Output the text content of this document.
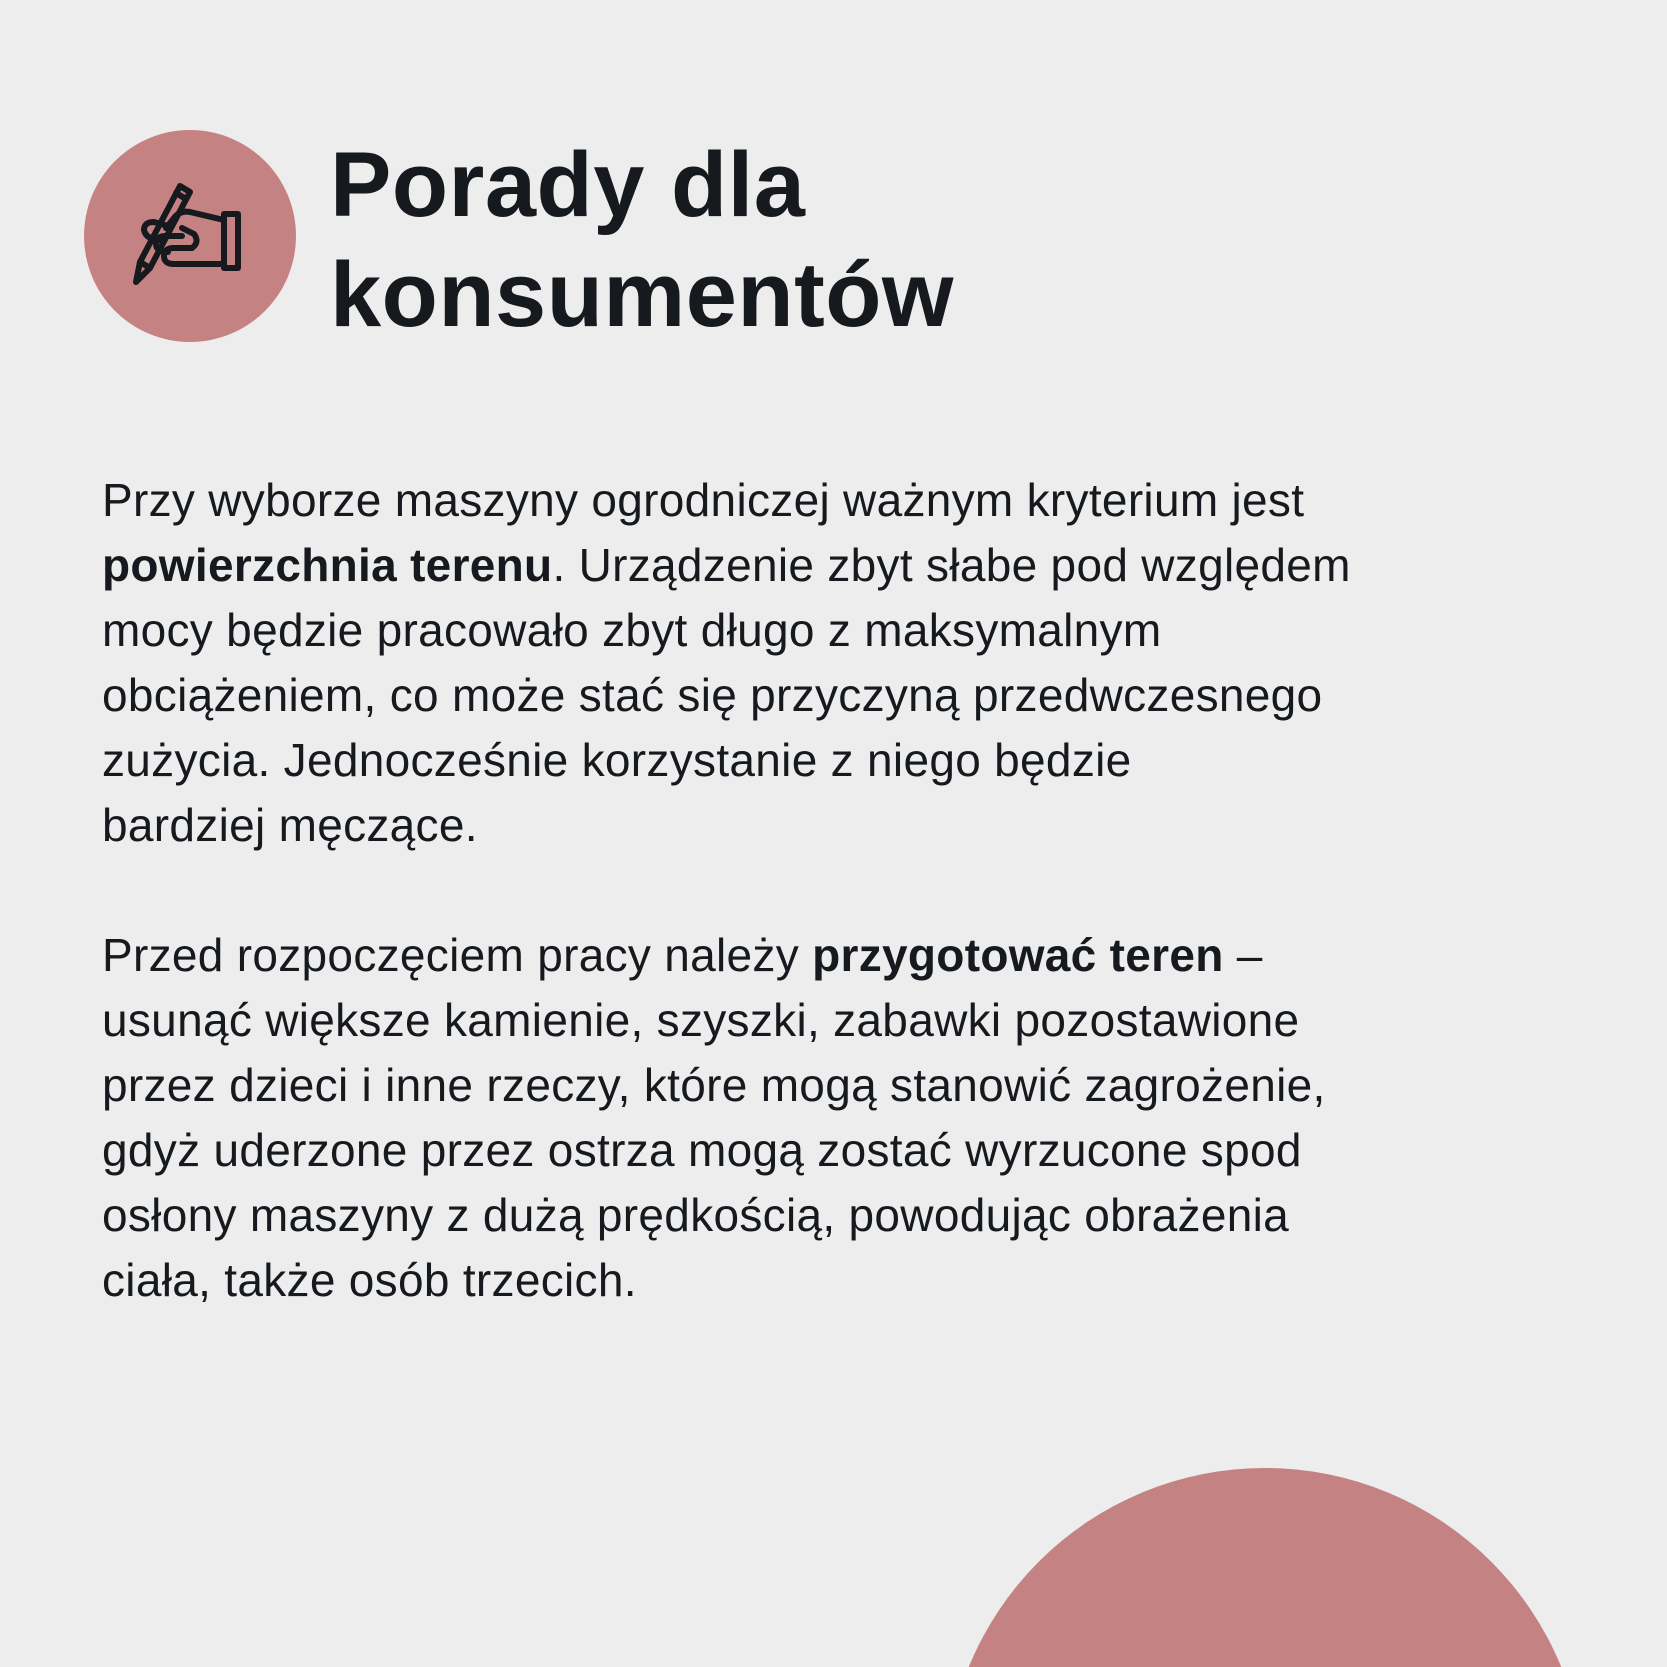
Porady dla
konsumentów

Przy wyborze maszyny ogrodniczej ważnym kryterium jest
powierzchnia terenu. Urządzenie zbyt słabe pod względem
mocy będzie pracowało zbyt długo z maksymalnym
obciążeniem, co może stać się przyczyną przedwczesnego
zużycia. Jednocześnie korzystanie z niego będzie
bardziej męczące.

Przed rozpoczęciem pracy należy przygotować teren –
usunąć większe kamienie, szyszki, zabawki pozostawione
przez dzieci i inne rzeczy, które mogą stanowić zagrożenie,
gdyż uderzone przez ostrza mogą zostać wyrzucone spod
osłony maszyny z dużą prędkością, powodując obrażenia
ciała, także osób trzecich.
